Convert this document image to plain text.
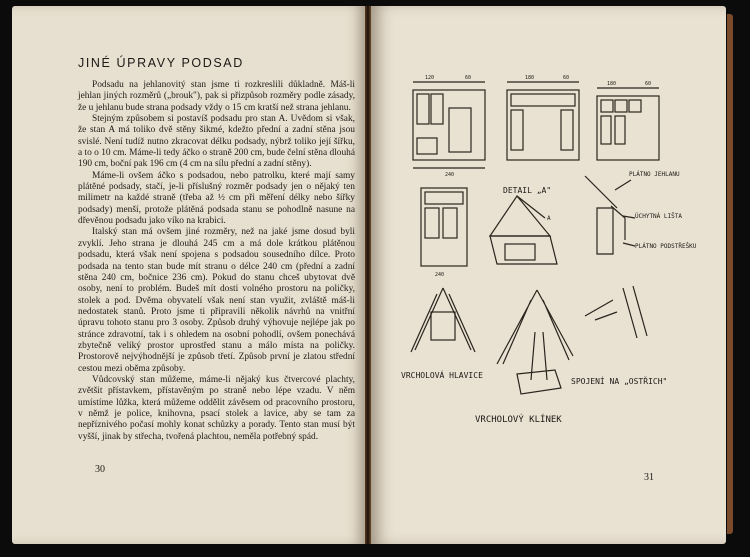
JINÉ ÚPRAVY PODSAD

Podsadu na jehlanovitý stan jsme ti rozkreslili důkladně. Máš-li jehlan jiných rozměrů („brouk"), pak si přizpůsob rozměry podle zásady, že u jehlanu bude strana podsady vždy o 15 cm kratší než strana jehlanu.

Stejným způsobem si postavíš podsadu pro stan A. Uvědom si však, že stan A má toliko dvě stěny šikmé, kdežto přední a zadní stěna jsou svislé. Není tudíž nutno zkracovat délku podsady, nýbrž toliko její šířku, a to o 10 cm. Máme-li tedy áčko o straně 200 cm, bude čelní stěna dlouhá 190 cm, boční pak 196 cm (4 cm na sílu přední a zadní stěny).

Máme-li ovšem áčko s podsadou, nebo patrolku, které mají samy plátěné podsady, stačí, je-li příslušný rozměr podsady jen o nějaký ten milimetr na každé straně (třeba až ½ cm při měření délky nebo šířky podsady) menší, protože plátěná podsada stanu se pohodlně nasune na dřevěnou podsadu jako víko na krabici.

Italský stan má ovšem jiné rozměry, než na jaké jsme dosud byli zvyklí. Jeho strana je dlouhá 245 cm a má dole krátkou plátěnou podsadu, která však není spojena s podsadou sousedního dílce. Proto podsada na tento stan bude mít stranu o délce 240 cm (přední a zadní stěna 240 cm, bočnice 236 cm). Pokud do stanu chceš ubytovat dvě osoby, není to problém. Budeš mít dosti volného prostoru na poličky, stolek a pod. Dvěma obyvatelí však není stan využit, zvláště máš-li nedostatek stanů. Proto jsme ti připravili několik návrhů na vnitřní úpravu tohoto stanu pro 3 osoby. Způsob druhý výhovuje nejlépe jak po stránce zdravotní, tak i s ohledem na osobní pohodlí, ovšem ponechává zbytečně veliký prostor uprostřed stanu a málo místa na poličky. Prostorově nejvýhodnější je způsob třetí. Způsob první je zlatou střední cestou mezi oběma způsoby.

Vůdcovský stan můžeme, máme-li nějaký kus čtvercové plachty, zvětšit přístavkem, přístavěným po straně nebo lépe vzadu. V něm umístíme lůžka, která můžeme oddělit závěsem od pracovního prostoru, v němž je police, knihovna, psací stolek a lavice, aby se tam za nepříznivého počasí mohly konat schůzky a porady. Tento stan musí být vyšší, jinak by střecha, tvořená plachtou, neměla potřebný spád.

30
31
120	60
240
180	60
180	60
240
A
DETAIL „A"
PLÁTNO JEHLANU
ÚCHYTNÁ LIŠTA
PLÁTNO PODSTŘEŠKU
VRCHOLOVÁ HLAVICE
SPOJENÍ NA „OSTŘICH"
VRCHOLOVÝ KLÍNEK
